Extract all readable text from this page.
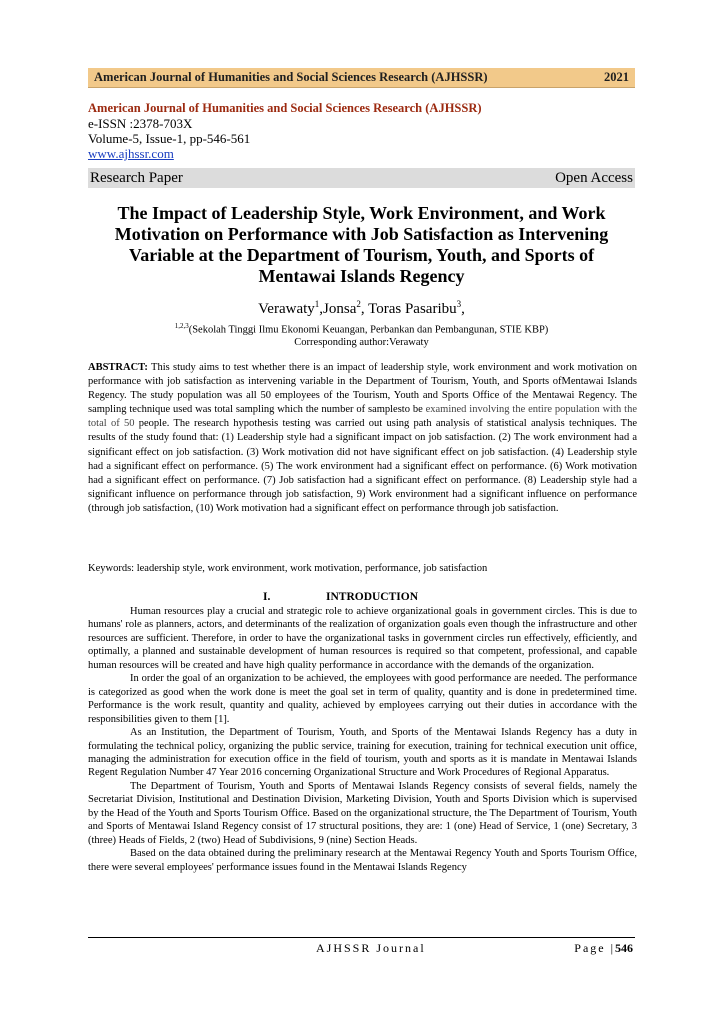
American Journal of Humanities and Social Sciences Research (AJHSSR)	2021
American Journal of Humanities and Social Sciences Research (AJHSSR)
e-ISSN :2378-703X
Volume-5, Issue-1, pp-546-561
www.ajhssr.com
Research Paper	Open Access
The Impact of Leadership Style, Work Environment, and Work
Motivation on Performance with Job Satisfaction as Intervening
Variable at the Department of Tourism, Youth, and Sports of
Mentawai Islands Regency
Verawaty$^1$,Jonsa$^2$, Toras Pasaribu$^3$,
$^{1,2,3}$(Sekolah Tinggi Ilmu Ekonomi Keuangan, Perbankan dan Pembangunan, STIE KBP)
Corresponding author:Verawaty
ABSTRACT: This study aims to test whether there is an impact of leadership style, work environment and work motivation on performance with job satisfaction as intervening variable in the Department of Tourism, Youth, and Sports ofMentawai Islands Regency. The study population was all 50 employees of the Tourism, Youth and Sports Office of the Mentawai Regency. The sampling technique used was total sampling which the number of samplesto be examined involving the entire population with the total of 50 people. The research hypothesis testing was carried out using path analysis of statistical analysis techniques. The results of the study found that: (1) Leadership style had a significant impact on job satisfaction. (2) The work environment had a significant effect on job satisfaction. (3) Work motivation did not have significant effect on job satisfaction. (4) Leadership style had a significant effect on performance. (5) The work environment had a significant effect on performance. (6) Work motivation had a significant effect on performance. (7) Job satisfaction had a significant effect on performance. (8) Leadership style had a significant influence on performance through job satisfaction, 9) Work environment had a significant influence on performance (through job satisfaction, (10) Work motivation had a significant effect on performance through job satisfaction.
Keywords: leadership style, work environment, work motivation, performance, job satisfaction
I.	INTRODUCTION

Human resources play a crucial and strategic role to achieve organizational goals in government circles. This is due to humans' role as planners, actors, and determinants of the realization of organization goals even though the infrastructure and other resources are sufficient. Therefore, in order to have the organizational tasks in government circles run effectively, efficiently, and optimally, a planned and sustainable development of human resources is required so that competent, professional, and capable human resources will be created and have high quality performance in accordance with the demands of the organization.

In order the goal of an organization to be achieved, the employees with good performance are needed. The performance is categorized as good when the work done is meet the goal set in term of quality, quantity and is done in predetermined time. Performance is the work result, quantity and quality, achieved by employees carrying out their duties in accordance with the responsibilities given to them [1].

As an Institution, the Department of Tourism, Youth, and Sports of the Mentawai Islands Regency has a duty in formulating the technical policy, organizing the public service, training for execution, training for technical execution unit office, managing the administration for execution office in the field of tourism, youth and sports as it is mandate in Mentawai Islands Regent Regulation Number 47 Year 2016 concerning Organizational Structure and Work Procedures of Regional Apparatus.

The Department of Tourism, Youth and Sports of Mentawai Islands Regency consists of several fields, namely the Secretariat Division, Institutional and Destination Division, Marketing Division, Youth and Sports Division which is supervised by the Head of the Youth and Sports Tourism Office. Based on the organizational structure, the The Department of Tourism, Youth and Sports of Mentawai Island Regency consist of 17 structural positions, they are: 1 (one) Head of Service, 1 (one) Secretary, 3 (three) Heads of Fields, 2 (two) Head of Subdivisions, 9 (nine) Section Heads.

Based on the data obtained during the preliminary research at the Mentawai Regency Youth and Sports Tourism Office, there were several employees' performance issues found in the Mentawai Islands Regency

AJHSSR Journal	Page |546
